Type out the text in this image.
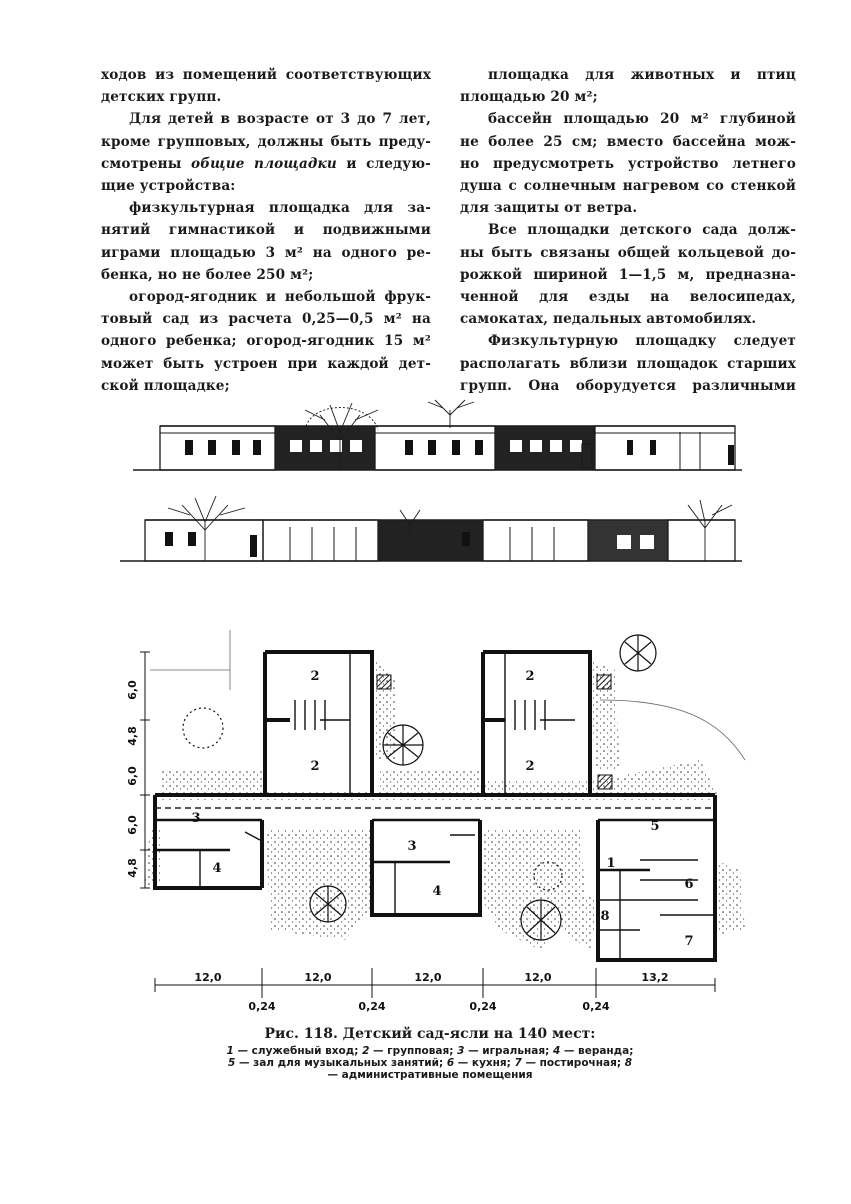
ходов из помещений соответствующих

детских групп.

Для детей в возрасте от 3 до 7 лет,

кроме групповых, должны быть преду-

смотрены общие площадки и следую-

щие устройства:

физкультурная площадка для за-

нятий гимнастикой и подвижными

играми площадью 3 м² на одного ре-

бенка, но не более 250 м²;

огород-ягодник и небольшой фрук-

товый сад из расчета 0,25—0,5 м² на

одного ребенка; огород-ягодник 15 м²

может быть устроен при каждой дет-

ской площадке;

площадка для животных и птиц

площадью 20 м²;

бассейн площадью 20 м² глубиной

не более 25 см; вместо бассейна мож-

но предусмотреть устройство летнего

душа с солнечным нагревом со стенкой

для защиты от ветра.

Все площадки детского сада долж-

ны быть связаны общей кольцевой до-

рожкой шириной 1—1,5 м, предназна-

ченной для езды на велосипедах,

самокатах, педальных автомобилях.

Физкультурную площадку следует

располагать вблизи площадок старших

групп. Она оборудуется различными

2
2
2
2
3
4
3
4
5
1
6
7
8
6,0
4,8
6,0
6,0
4,8
12,0	12,0	12,0	12,0	13,2
0,24	0,24	0,24	0,24
Рис. 118. Детский сад-ясли на 140 мест:
1 — служебный вход; 2 — групповая; 3 — игральная; 4 — веранда;
5 — зал для музыкальных занятий; 6 — кухня; 7 — постирочная; 8
— административные помещения
